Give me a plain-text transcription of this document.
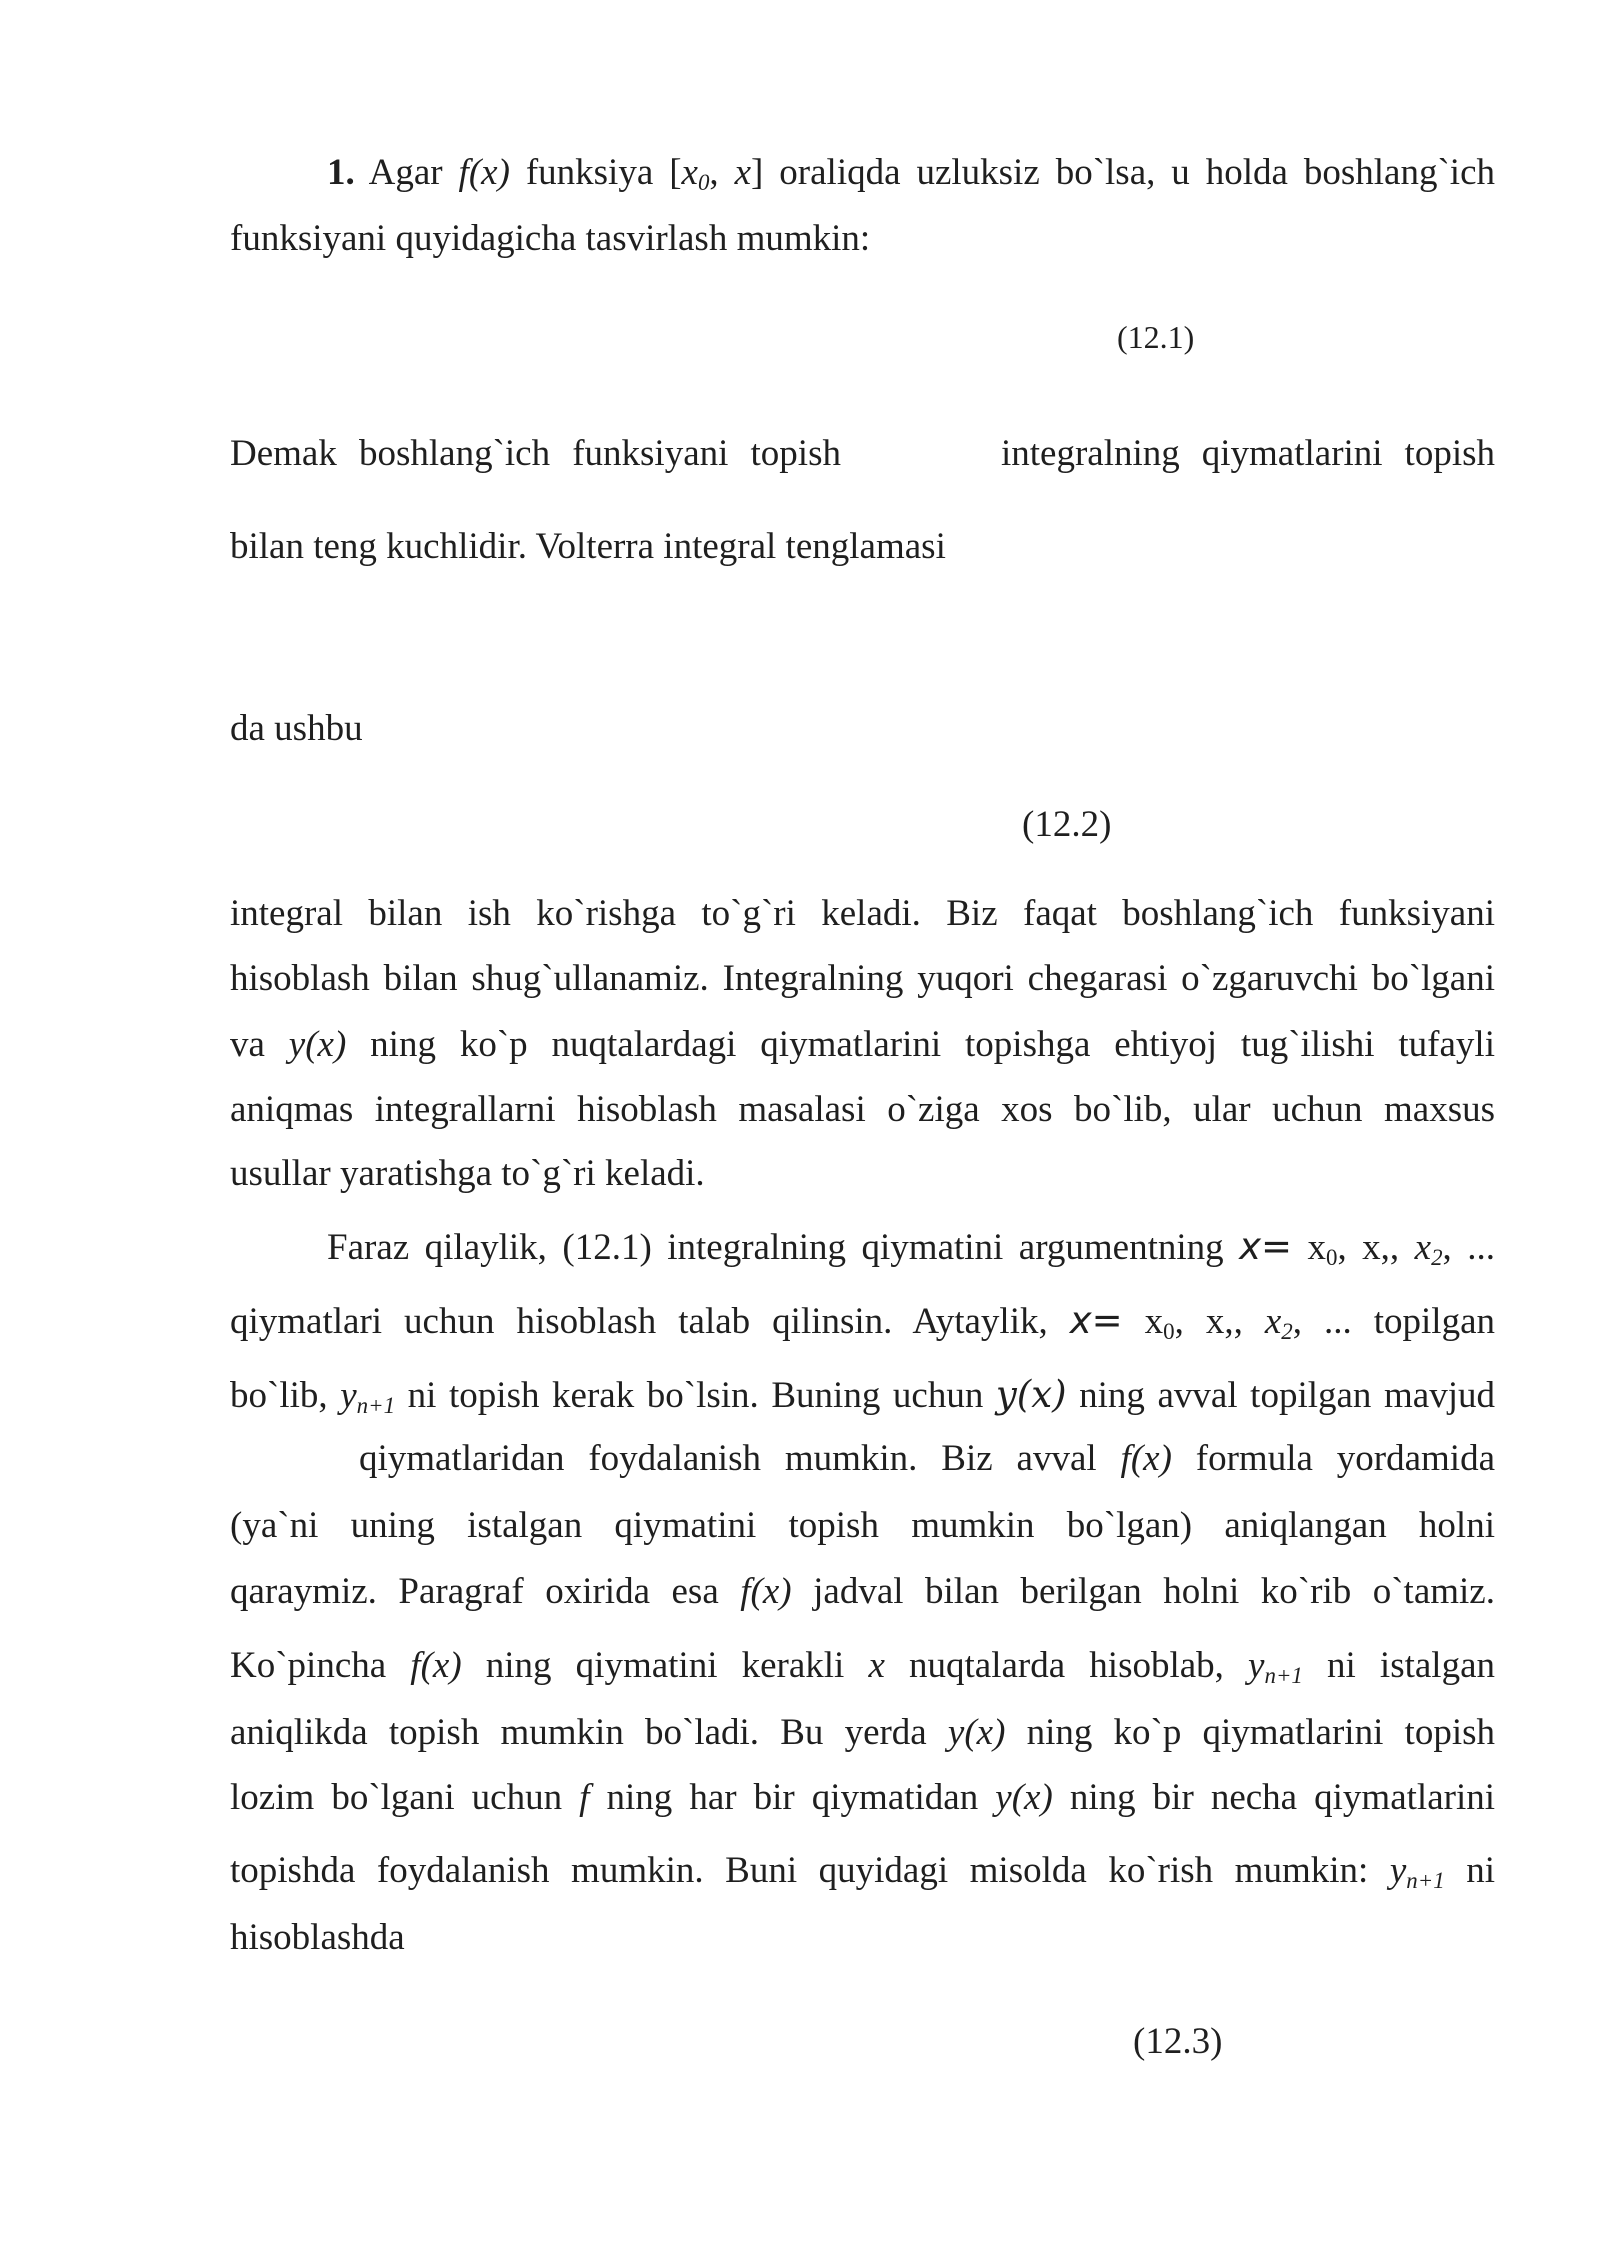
1. Agar f(x) funksiya [x0, x] oraliqda uzluksiz bo`lsa, u holda boshlang`ich
funksiyani quyidagicha tasvirlash mumkin:
(12.1)
Demak boshlang`ich funksiyani topish	integralning qiymatlarini topish
bilan teng kuchlidir. Volterra integral tenglamasi
da ushbu
(12.2)
integral bilan ish ko`rishga to`g`ri keladi. Biz faqat boshlang`ich funksiyani
hisoblash bilan shug`ullanamiz. Integralning yuqori chegarasi o`zgaruvchi bo`lgani
va y(x) ning ko`p nuqtalardagi qiymatlarini topishga ehtiyoj tug`ilishi tufayli
aniqmas integrallarni hisoblash masalasi o`ziga xos bo`lib, ular uchun maxsus
usullar yaratishga to`g`ri keladi.
Faraz qilaylik, (12.1) integralning qiymatini argumentning x= x0, x,, x2, ...
qiymatlari uchun hisoblash talab qilinsin. Aytaylik, x= x0, x,, x2, ... topilgan
bo`lib, yn+1 ni topish kerak bo`lsin. Buning uchun y(x) ning avval topilgan mavjud
qiymatlaridan foydalanish mumkin. Biz avval f(x) formula yordamida
(ya`ni uning istalgan qiymatini topish mumkin bo`lgan) aniqlangan holni
qaraymiz. Paragraf oxirida esa f(x) jadval bilan berilgan holni ko`rib o`tamiz.
Ko`pincha f(x) ning qiymatini kerakli x nuqtalarda hisoblab, yn+1 ni istalgan
aniqlikda topish mumkin bo`ladi. Bu yerda y(x) ning ko`p qiymatlarini topish
lozim bo`lgani uchun f ning har bir qiymatidan y(x) ning bir necha qiymatlarini
topishda foydalanish mumkin. Buni quyidagi misolda ko`rish mumkin: yn+1 ni
hisoblashda
(12.3)
